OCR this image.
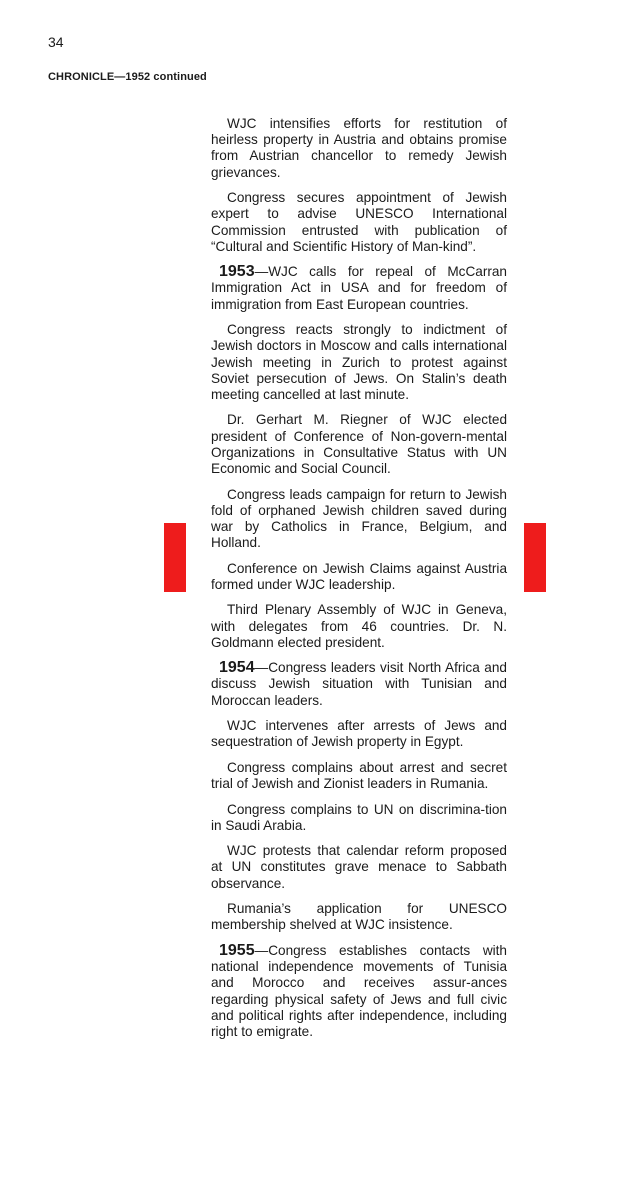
34
CHRONICLE—1952 continued

WJC intensifies efforts for restitution of heirless property in Austria and obtains promise from Austrian chancellor to remedy Jewish grievances.

Congress secures appointment of Jewish expert to advise UNESCO International Commission entrusted with publication of “Cultural and Scientific History of Man-kind”.

1953—WJC calls for repeal of McCarran Immigration Act in USA and for freedom of immigration from East European countries.

Congress reacts strongly to indictment of Jewish doctors in Moscow and calls international Jewish meeting in Zurich to protest against Soviet persecution of Jews. On Stalin’s death meeting cancelled at last minute.

Dr. Gerhart M. Riegner of WJC elected president of Conference of Non-govern-mental Organizations in Consultative Status with UN Economic and Social Council.

Congress leads campaign for return to Jewish fold of orphaned Jewish children saved during war by Catholics in France, Belgium, and Holland.

Conference on Jewish Claims against Austria formed under WJC leadership.

Third Plenary Assembly of WJC in Geneva, with delegates from 46 countries. Dr. N. Goldmann elected president.

1954—Congress leaders visit North Africa and discuss Jewish situation with Tunisian and Moroccan leaders.

WJC intervenes after arrests of Jews and sequestration of Jewish property in Egypt.

Congress complains about arrest and secret trial of Jewish and Zionist leaders in Rumania.

Congress complains to UN on discrimina-tion in Saudi Arabia.

WJC protests that calendar reform proposed at UN constitutes grave menace to Sabbath observance.

Rumania’s application for UNESCO membership shelved at WJC insistence.

1955—Congress establishes contacts with national independence movements of Tunisia and Morocco and receives assur-ances regarding physical safety of Jews and full civic and political rights after independence, including right to emigrate.
